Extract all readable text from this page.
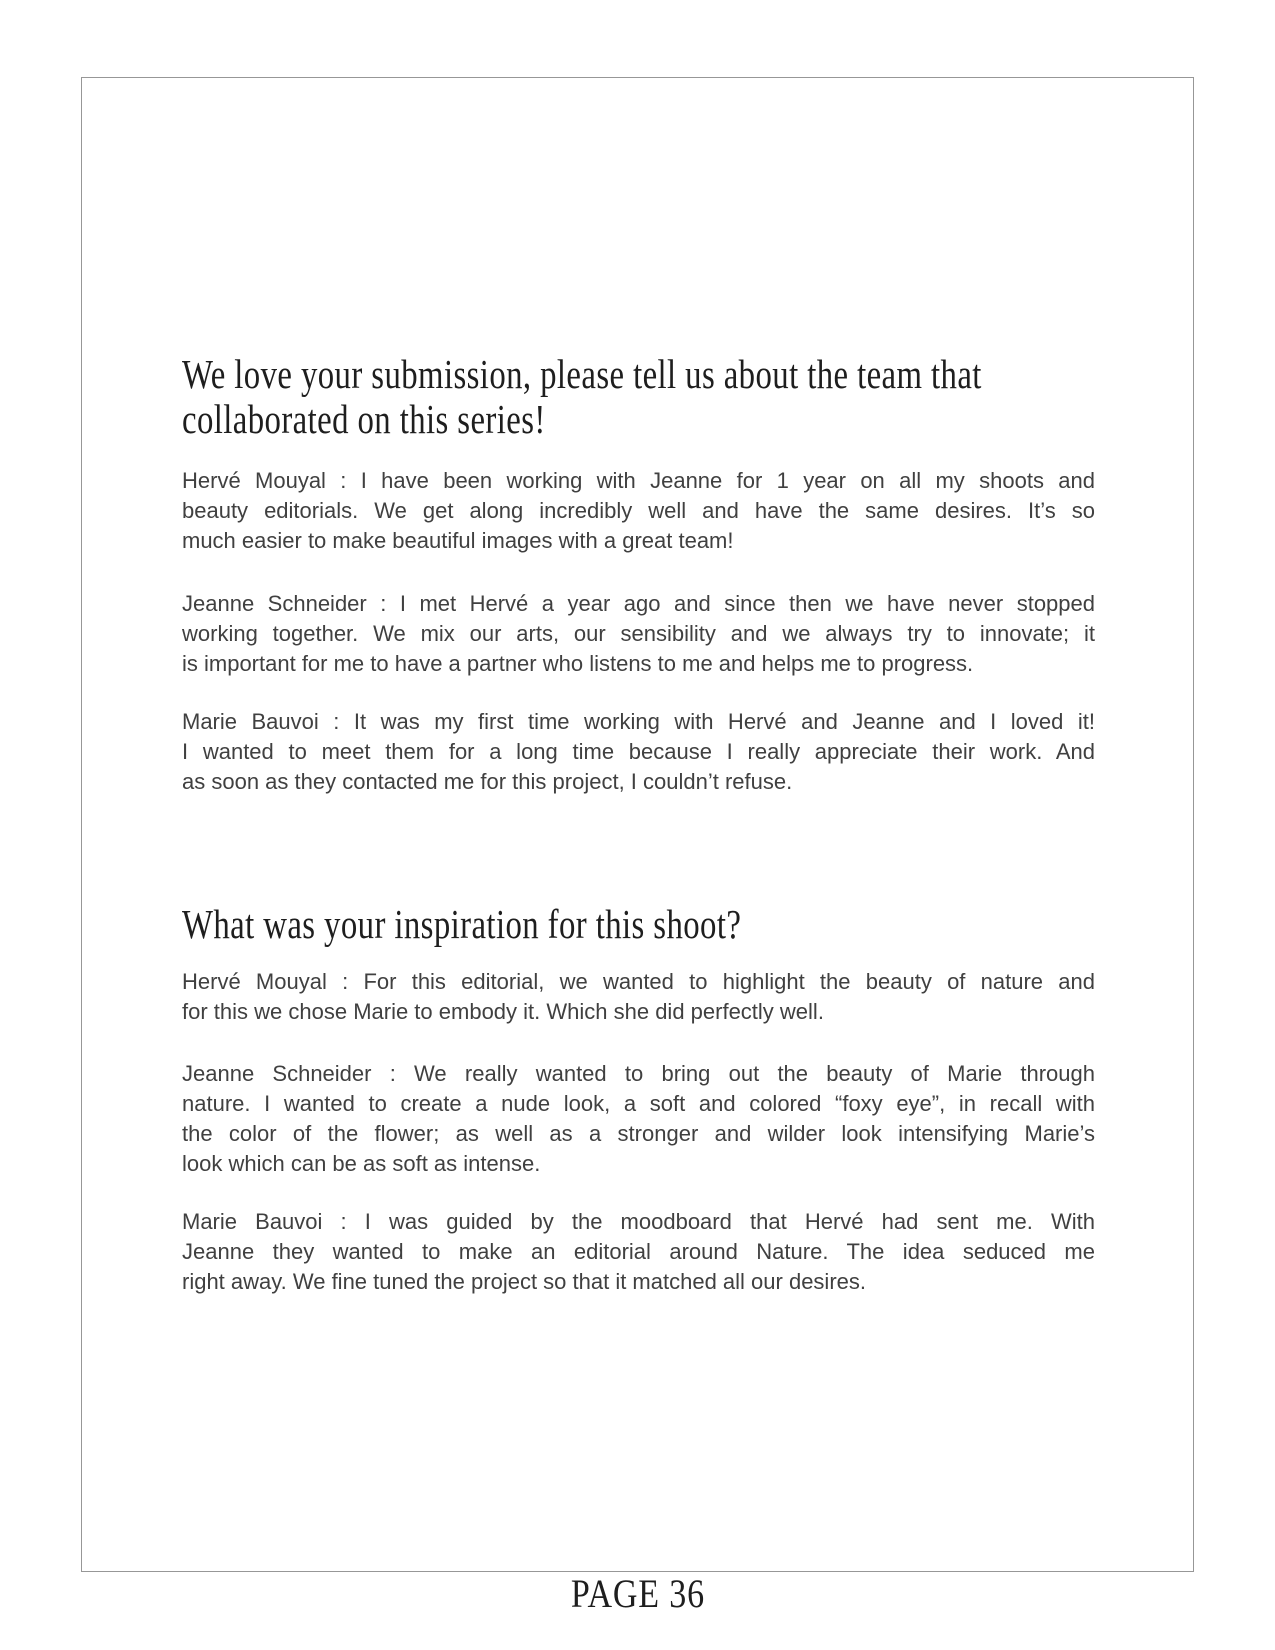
We love your submission, please tell us about the team that
collaborated on this series!
Hervé Mouyal : I have been working with Jeanne for 1 year on all my shoots and
beauty editorials. We get along incredibly well and have the same desires. It’s so
much easier to make beautiful images with a great team!
Jeanne Schneider : I met Hervé a year ago and since then we have never stopped
working together. We mix our arts, our sensibility and we always try to innovate; it
is important for me to have a partner who listens to me and helps me to progress.
Marie Bauvoi : It was my first time working with Hervé and Jeanne and I loved it!
I wanted to meet them for a long time because I really appreciate their work. And
as soon as they contacted me for this project, I couldn’t refuse.
What was your inspiration for this shoot?
Hervé Mouyal : For this editorial, we wanted to highlight the beauty of nature and
for this we chose Marie to embody it. Which she did perfectly well.
Jeanne Schneider : We really wanted to bring out the beauty of Marie through
nature. I wanted to create a nude look, a soft and colored “foxy eye”, in recall with
the color of the flower; as well as a stronger and wilder look intensifying Marie’s
look which can be as soft as intense.
Marie Bauvoi : I was guided by the moodboard that Hervé had sent me. With
Jeanne they wanted to make an editorial around Nature. The idea seduced me
right away. We fine tuned the project so that it matched all our desires.
PAGE 36
